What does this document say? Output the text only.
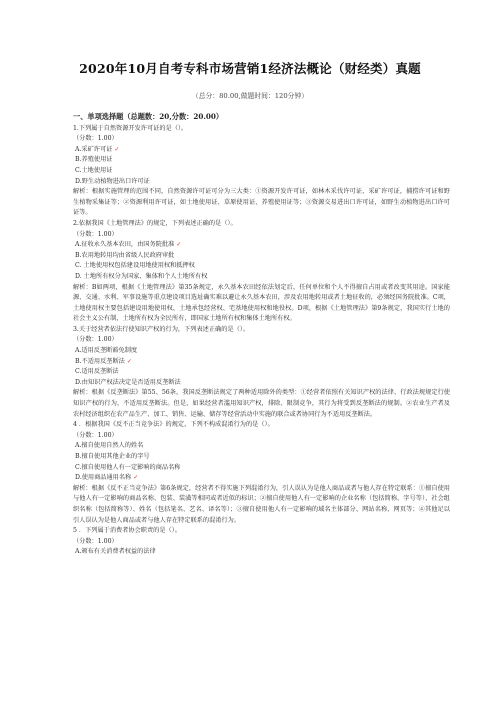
2020年10月自考专科市场营销1经济法概论（财经类）真题
（总分：80.00,做题时间：120分钟）
一、单项选择题（总题数：20,分数：20.00）
1.下列属于自然资源开发许可证的是（）。
（分数：1.00）
A.采矿许可证 ✓
B.养殖使用证
C.土地使用证
D.野生动植物进出口许可证
解析：根据实施管理的范围不同，自然资源许可证可分为三大类：①资源开发许可证，如林木采伐许可证、采矿许可证，捕捞许可证和野生植物采集证等；②资源利用许可证，如土地使用证、草原使用证、养殖使用证等；③资源交易进出口许可证，如野生动植物进出口许可证等。
2.依据我国《土地管理法》的规定，下列表述正确的是（）。
（分数：1.00）
A.征收永久基本农田，由国务院批准 ✓
B.农用地转用均由省级人民政府审批
C. 土地使用权包括建设用地使用权和抵押权
D. 土地所有权分为国家、集体和个人土地所有权
解析：B如两项，根据《土地管理法》第35条规定，永久基本农田经依法划定后，任何单位和个人不得擅自占用或者改变其用途。国家能源、交通、水利、军事设施等重点建设项目选址确实难以避让永久基本农田，涉及农用地转用或者土地征收的，必须经国务院批准。C项，土地使用权主要包括建设用地使用权、土地承包经营权、宅基地使用权和地役权。D项，根据《土地管理法》第9条规定，我国实行土地的社会主义公有制，土地所有权为全民所有，即国家土地所有权和集体土地所有权。
3.关于经营者依法行使知识产权的行为，下列表述正确的是（）。
（分数：1.00）
A.适用反垄断豁免制度
B.不适用反垄断法 ✓
C.适用反垄断法
D.由知识产权法决定是否适用反垄断法
解析：根据《反垄断法》第55、56条，我国反垄断法规定了两种适用除外的类型：①经营者依照有关知识产权的法律、行政法规规定行使知识产权的行为，不适用反垄断法。但是，如果经营者滥用知识产权，排除、限制竞争，其行为将受到反垄断法的规制。②农业生产者及农村经济组织在农产品生产、加工、销售、运输、储存等经营活动中实施的联合或者协同行为不适用反垄断法。
4 ．根据我国《反不正当竞争法》的规定，下列不构成混淆行为的是（）。
（分数：1.00）
A.擅自使用自然人的姓名
B.擅自使用其他企业的字号
C.擅自使用他人有一定影响的商品名称
D.使用商品通用名称 ✓
解析：根据《反不正当竞争法》第6条规定，经营者不得实施下列混淆行为，引人误认为是他人商品或者与他人存在特定联系：①擅自使用与他人有一定影响的商品名称、包装、装潢等相同或者近似的标识；②擅自使用他人有一定影响的企业名称（包括简称、字号等）、社会组织名称（包括简称等）、姓名（包括笔名、艺名、译名等）；③擅自使用他人有一定影响的域名主体部分、网站名称、网页等；④其他足以引人误认为是他人商品或者与他人存在特定联系的混淆行为。
5 ．下列属于消费者协会职责的是（）。
（分数：1.00）
A.颁布有关消费者权益的法律
